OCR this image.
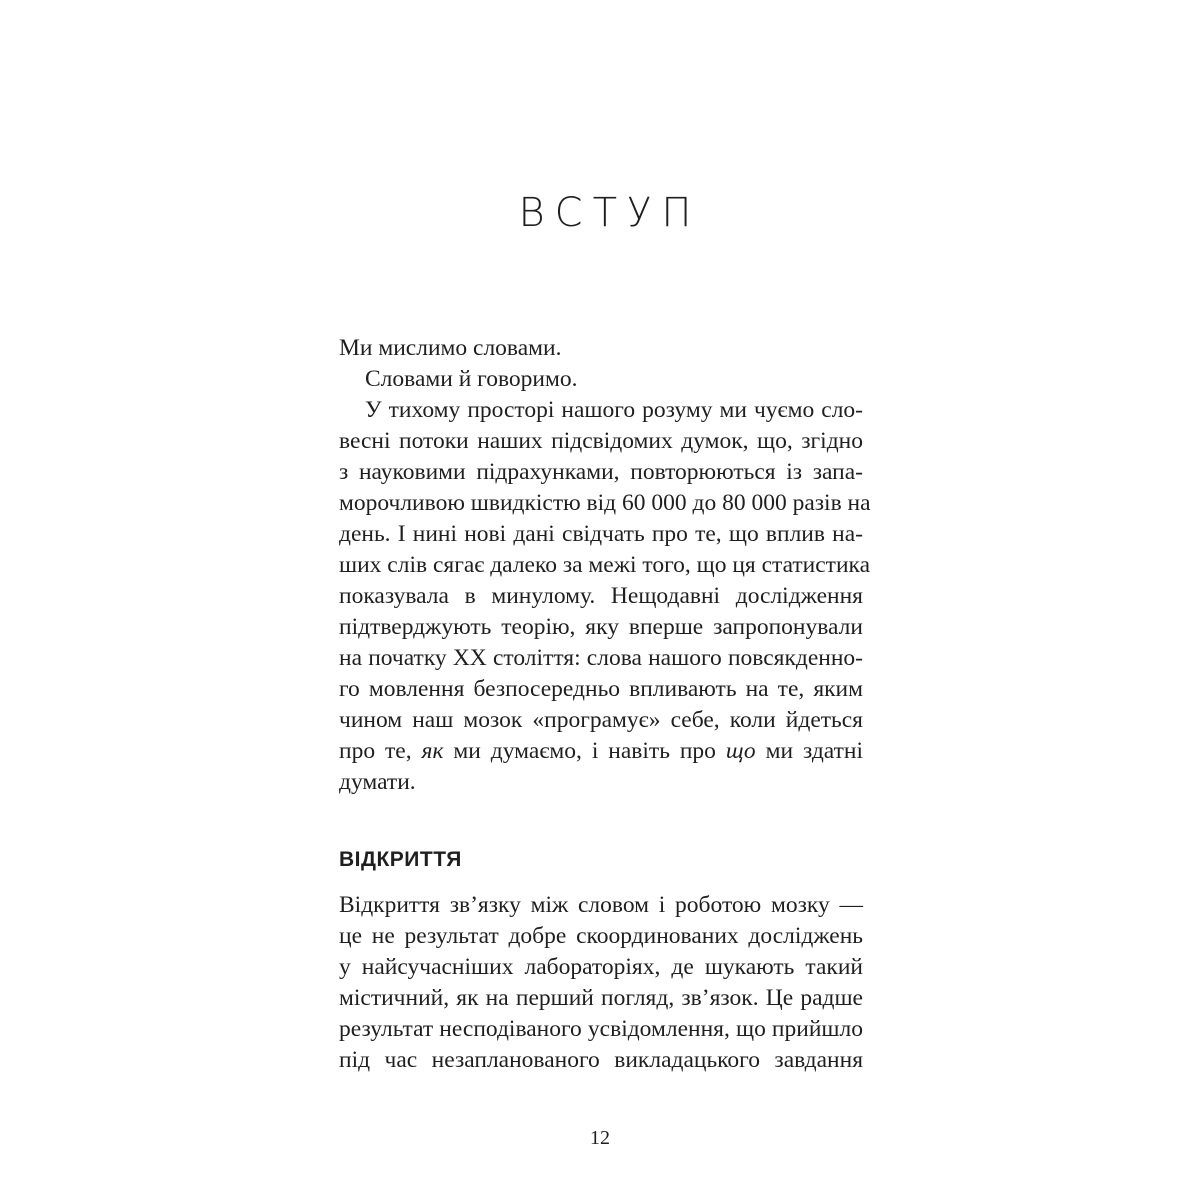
ВСТУП
Ми мислимо словами.
Словами й говоримо.
У тихому просторі нашого розуму ми чуємо сло-
весні потоки наших підсвідомих думок, що, згідно
з науковими підрахунками, повторюються із запа-
морочливою швидкістю від 60 000 до 80 000 разів на
день. І нині нові дані свідчать про те, що вплив на-
ших слів сягає далеко за межі того, що ця статистика
показувала в минулому. Нещодавні дослідження
підтверджують теорію, яку вперше запропонували
на початку XX століття: слова нашого повсякденно-
го мовлення безпосередньо впливають на те, яким
чином наш мозок «програмує» себе, коли йдеться
про те, як ми думаємо, і навіть про що ми здатні
думати.
ВІДКРИТТЯ
Відкриття зв’язку між словом і роботою мозку —
це не результат добре скоординованих досліджень
у найсучасніших лабораторіях, де шукають такий
містичний, як на перший погляд, зв’язок. Це радше
результат несподіваного усвідомлення, що прийшло
під час незапланованого викладацького завдання
12
